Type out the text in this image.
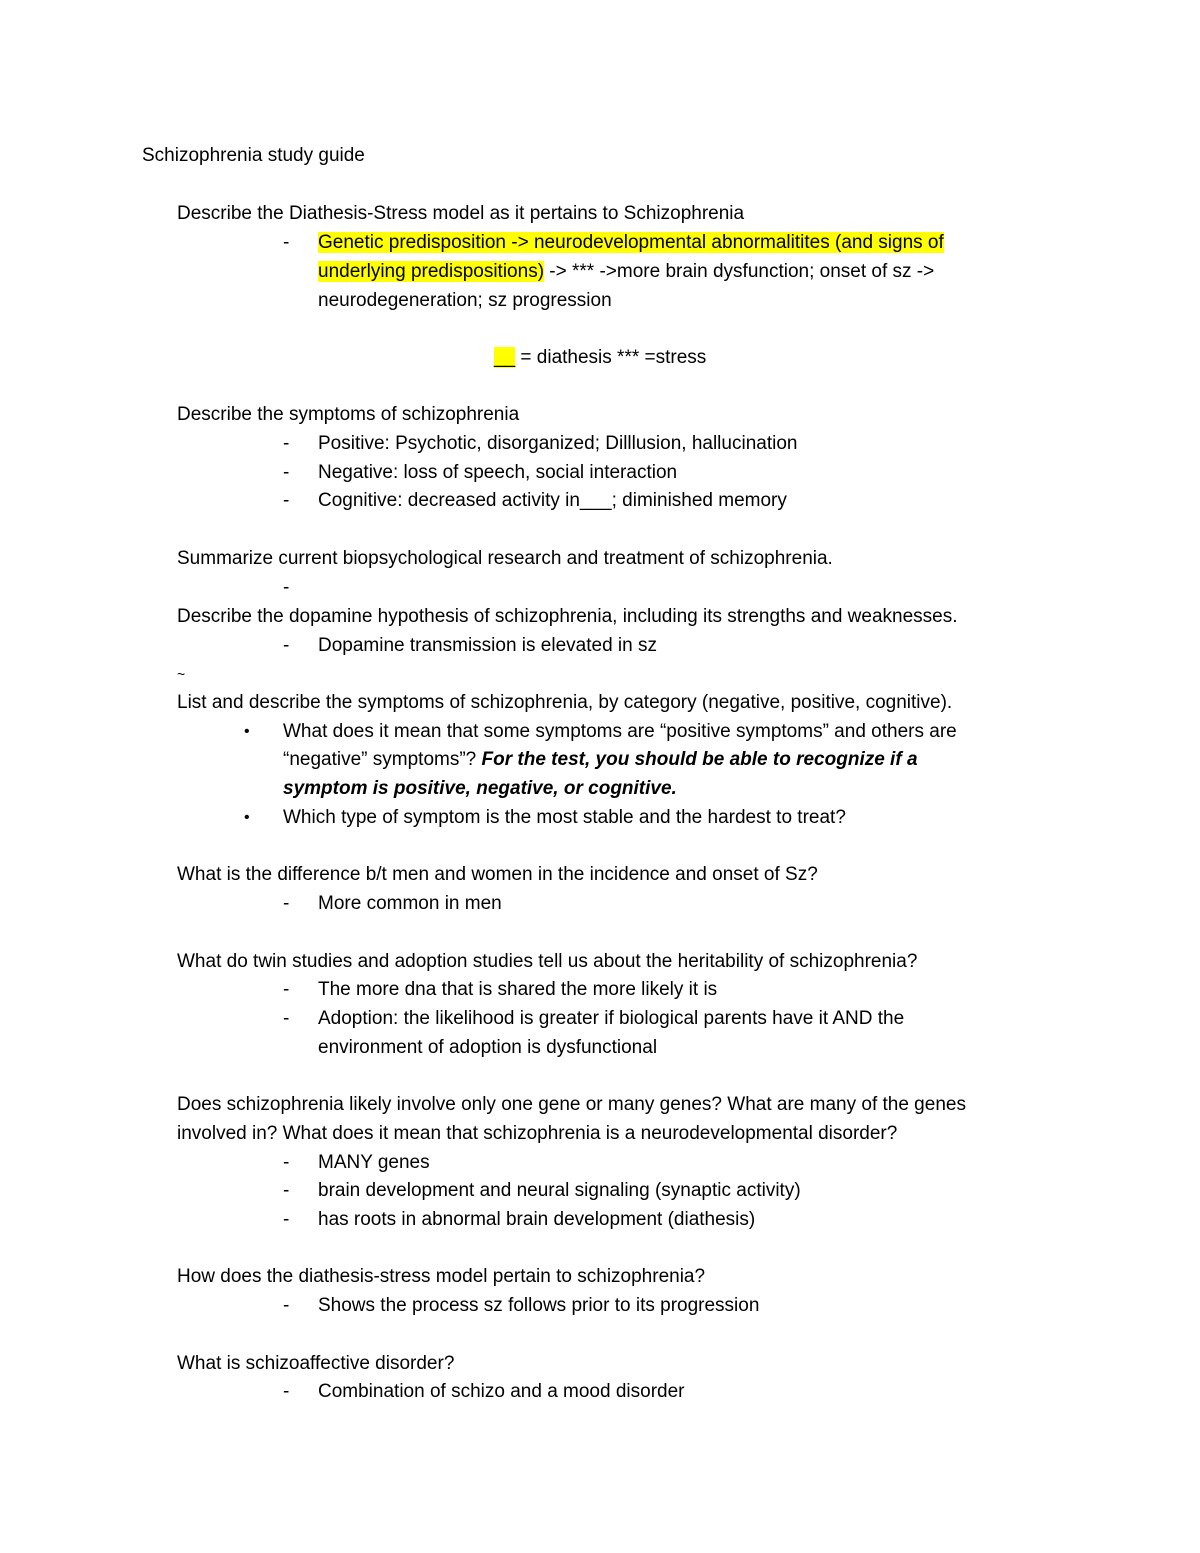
Schizophrenia study guide
Describe the Diathesis-Stress model as it pertains to Schizophrenia
-	Genetic predisposition -> neurodevelopmental abnormalitites (and signs of
underlying predispositions) -> *** ->more brain dysfunction; onset of sz ->
neurodegeneration; sz progression
__ = diathesis *** =stress
Describe the symptoms of schizophrenia
-	Positive: Psychotic, disorganized; Dilllusion, hallucination
-	Negative: loss of speech, social interaction
-	Cognitive: decreased activity in___; diminished memory
Summarize current biopsychological research and treatment of schizophrenia.
-
Describe the dopamine hypothesis of schizophrenia, including its strengths and weaknesses.
-	Dopamine transmission is elevated in sz
~
List and describe the symptoms of schizophrenia, by category (negative, positive, cognitive).
•	What does it mean that some symptoms are “positive symptoms” and others are
“negative” symptoms”? For the test, you should be able to recognize if a
symptom is positive, negative, or cognitive.
•	Which type of symptom is the most stable and the hardest to treat?
What is the difference b/t men and women in the incidence and onset of Sz?
-	More common in men
What do twin studies and adoption studies tell us about the heritability of schizophrenia?
-	The more dna that is shared the more likely it is
-	Adoption: the likelihood is greater if biological parents have it AND the
environment of adoption is dysfunctional
Does schizophrenia likely involve only one gene or many genes? What are many of the genes
involved in? What does it mean that schizophrenia is a neurodevelopmental disorder?
-	MANY genes
-	brain development and neural signaling (synaptic activity)
-	has roots in abnormal brain development (diathesis)
How does the diathesis-stress model pertain to schizophrenia?
-	Shows the process sz follows prior to its progression
What is schizoaffective disorder?
-	Combination of schizo and a mood disorder
